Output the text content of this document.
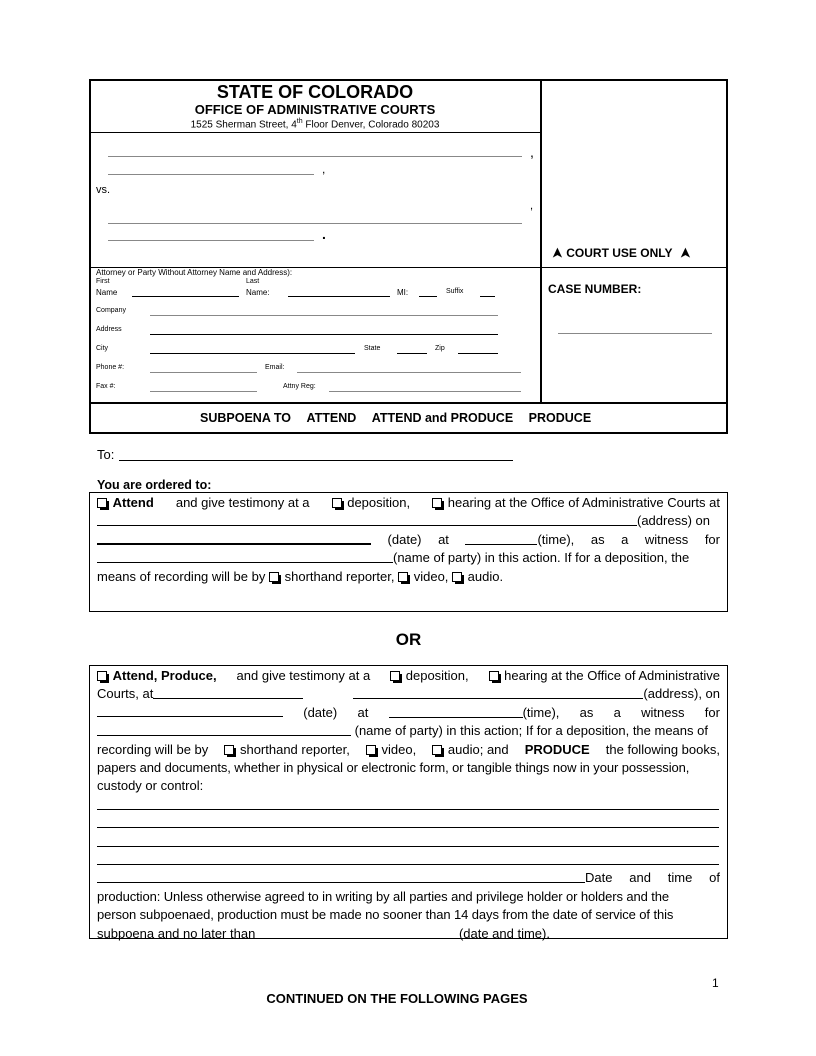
STATE OF COLORADO
OFFICE OF ADMINISTRATIVE COURTS
1525 Sherman Street, 4th Floor Denver, Colorado 80203
,
,
vs.
,
.
➤ COURT USE ONLY ➤
Attorney or Party Without Attorney Name and Address):
First	Last
Name	Name:	MI:	Suffix
Company
Address
City	State	Zip
Phone #:	Email:
Fax #:	Attny Reg:
CASE NUMBER:
SUBPOENA TO ATTEND ATTEND and PRODUCE PRODUCE
To:
You are ordered to:
Attend and give testimony at a	deposition,	hearing at the Office of Administrative Courts at
(address) on
(date) at	(time), as a witness for
(name of party) in this action. If for a deposition, the
means of recording will be by shorthand reporter, video, audio.
OR
Attend, Produce, and give testimony at a	deposition,	hearing at the Office of Administrative
Courts, at	(address), on
(date) at	(time), as a witness for
(name of party) in this action; If for a deposition, the means of
recording will be by	shorthand reporter,	video,	audio; and PRODUCE the following books,
papers and documents, whether in physical or electronic form, or tangible things now in your possession,
custody or control:
Date and time of
production: Unless otherwise agreed to in writing by all parties and privilege holder or holders and the
person subpoenaed, production must be made no sooner than 14 days from the date of service of this
subpoena and no later than	(date and time).
1
CONTINUED ON THE FOLLOWING PAGES
